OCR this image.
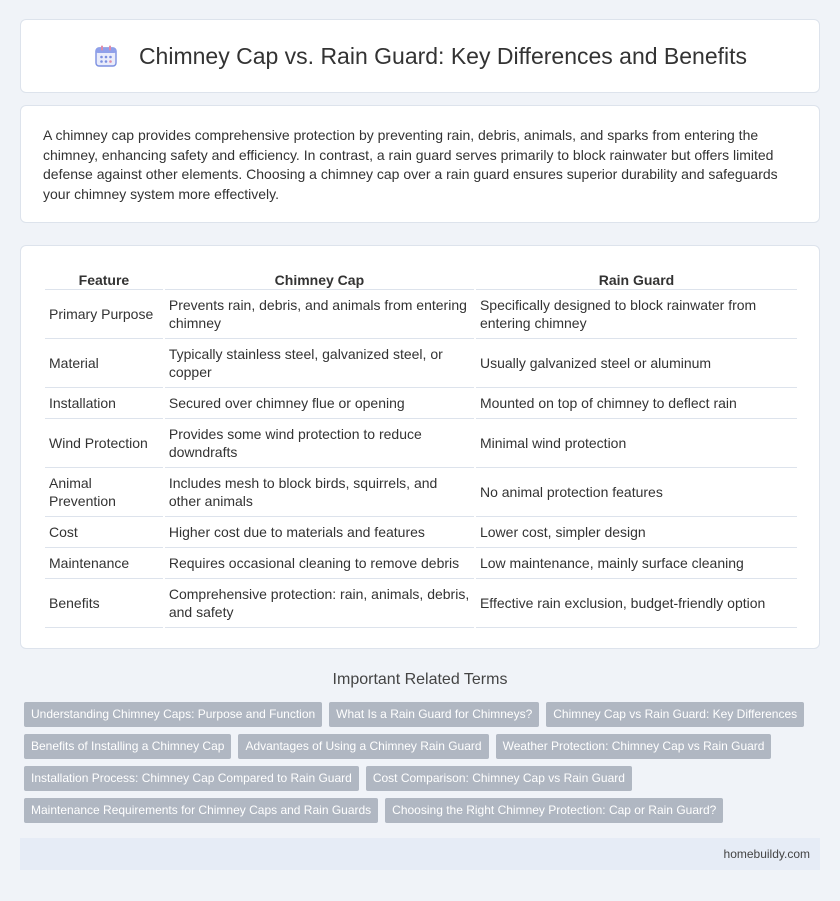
Chimney Cap vs. Rain Guard: Key Differences and Benefits

A chimney cap provides comprehensive protection by preventing rain, debris, animals, and sparks from entering the chimney, enhancing safety and efficiency. In contrast, a rain guard serves primarily to block rainwater but offers limited defense against other elements. Choosing a chimney cap over a rain guard ensures superior durability and safeguards your chimney system more effectively.

Feature	Chimney Cap	Rain Guard
Primary Purpose	Prevents rain, debris, and animals from entering chimney	Specifically designed to block rainwater from entering chimney
Material	Typically stainless steel, galvanized steel, or copper	Usually galvanized steel or aluminum
Installation	Secured over chimney flue or opening	Mounted on top of chimney to deflect rain
Wind Protection	Provides some wind protection to reduce downdrafts	Minimal wind protection
Animal Prevention	Includes mesh to block birds, squirrels, and other animals	No animal protection features
Cost	Higher cost due to materials and features	Lower cost, simpler design
Maintenance	Requires occasional cleaning to remove debris	Low maintenance, mainly surface cleaning
Benefits	Comprehensive protection: rain, animals, debris, and safety	Effective rain exclusion, budget-friendly option
Important Related Terms
Understanding Chimney Caps: Purpose and Function	What Is a Rain Guard for Chimneys?	Chimney Cap vs Rain Guard: Key Differences
Benefits of Installing a Chimney Cap	Advantages of Using a Chimney Rain Guard	Weather Protection: Chimney Cap vs Rain Guard
Installation Process: Chimney Cap Compared to Rain Guard	Cost Comparison: Chimney Cap vs Rain Guard
Maintenance Requirements for Chimney Caps and Rain Guards	Choosing the Right Chimney Protection: Cap or Rain Guard?
homebuildy.com
